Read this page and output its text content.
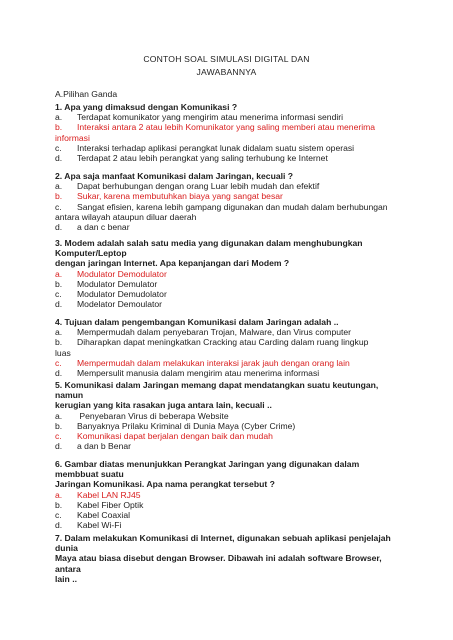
CONTOH SOAL SIMULASI DIGITAL DAN
JAWABANNYA
A.Pilihan Ganda
1. Apa yang dimaksud dengan Komunikasi ?
a. Terdapat komunikator yang mengirim atau menerima informasi sendiri
b. Interaksi antara 2 atau lebih Komunikator yang saling memberi atau menerima
informasi
c. Interaksi terhadap aplikasi perangkat lunak didalam suatu sistem operasi
d. Terdapat 2 atau lebih perangkat yang saling terhubung ke Internet
2. Apa saja manfaat Komunikasi dalam Jaringan, kecuali ?
a. Dapat berhubungan dengan orang Luar lebih mudah dan efektif
b. Sukar, karena membutuhkan biaya yang sangat besar
c. Sangat efisien, karena lebih gampang digunakan dan mudah dalam berhubungan
antara wilayah ataupun diluar daerah
d. a dan c benar
3. Modem adalah salah satu media yang digunakan dalam menghubungkan
Komputer/Leptop
dengan jaringan Internet. Apa kepanjangan dari Modem ?
a. Modulator Demodulator
b. Modulator Demulator
c. Modulator Demudolator
d. Modelator Demoulator
4. Tujuan dalam pengembangan Komunikasi dalam Jaringan adalah ..
a. Mempermudah dalam penyebaran Trojan, Malware, dan Virus computer
b. Diharapkan dapat meningkatkan Cracking atau Carding dalam ruang lingkup
luas
c. Mempermudah dalam melakukan interaksi jarak jauh dengan orang lain
d. Mempersulit manusia dalam mengirim atau menerima informasi
5. Komunikasi dalam Jaringan memang dapat mendatangkan suatu keutungan,
namun
kerugian yang kita rasakan juga antara lain, kecuali ..
a. Penyebaran Virus di beberapa Website
b. Banyaknya Prilaku Kriminal di Dunia Maya (Cyber Crime)
c. Komunikasi dapat berjalan dengan baik dan mudah
d. a dan b Benar
6. Gambar diatas menunjukkan Perangkat Jaringan yang digunakan dalam
membbuat suatu
Jaringan Komunikasi. Apa nama perangkat tersebut ?
a. Kabel LAN RJ45
b. Kabel Fiber Optik
c. Kabel Coaxial
d. Kabel Wi-Fi
7. Dalam melakukan Komunikasi di Internet, digunakan sebuah aplikasi penjelajah
dunia
Maya atau biasa disebut dengan Browser. Dibawah ini adalah software Browser,
antara
lain ..
